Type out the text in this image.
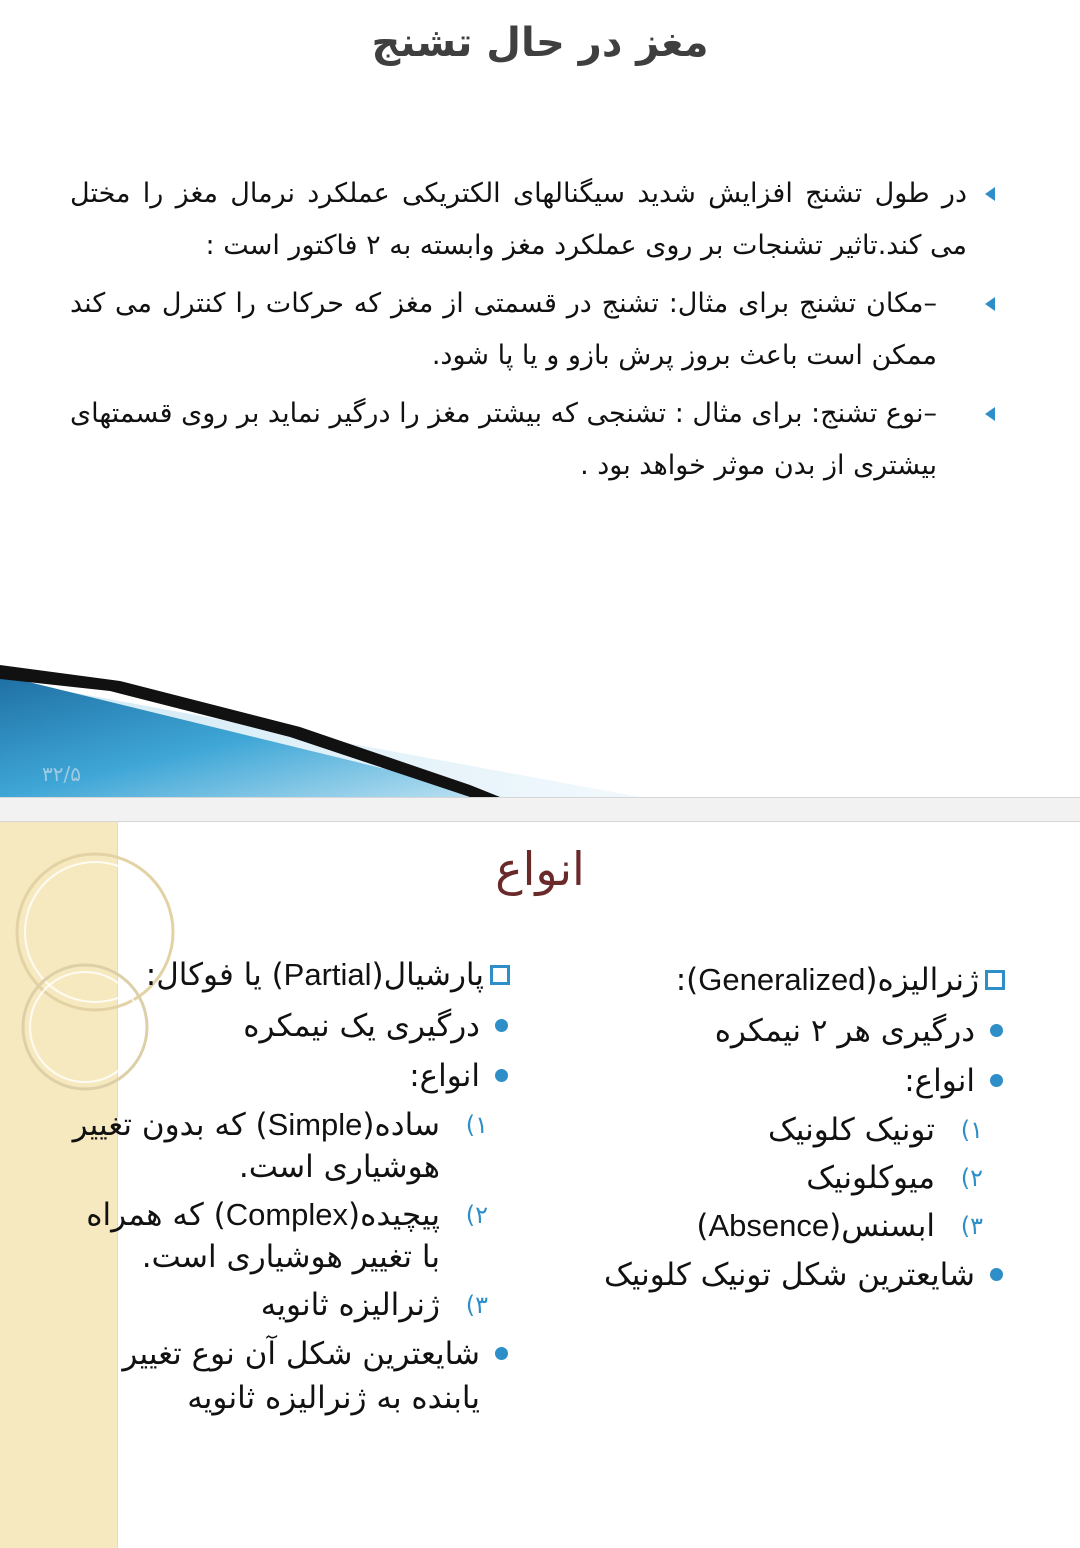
مغز در حال تشنج
در طول تشنج افزایش شدید سیگنالهای الکتریکی عملکرد نرمال مغز را مختل می کند.تاثیر تشنجات بر روی عملکرد مغز وابسته به ۲ فاکتور است :
–مکان تشنج برای مثال: تشنج در قسمتی از مغز که حرکات را کنترل می کند ممکن است باعث بروز پرش بازو و یا پا شود.
–نوع تشنج: برای مثال : تشنجی که بیشتر مغز را درگیر نماید بر روی قسمتهای بیشتری از بدن موثر خواهد بود .
۳۲/۵
انواع
ژنرالیزه(Generalized):
درگیری هر ۲ نیمکره
انواع:
۱)
تونیک کلونیک
۲)
میوکلونیک
۳)
ابسنس(Absence)
شایعترین شکل تونیک کلونیک
پارشیال(Partial) یا فوکال:
درگیری یک نیمکره
انواع:
۱)
ساده(Simple) که بدون تغییر هوشیاری است.
۲)
پیچیده(Complex) که همراه با تغییر هوشیاری است.
۳)
ژنرالیزه ثانویه
شایعترین شکل آن نوع تغییر یابنده به ژنرالیزه ثانویه
